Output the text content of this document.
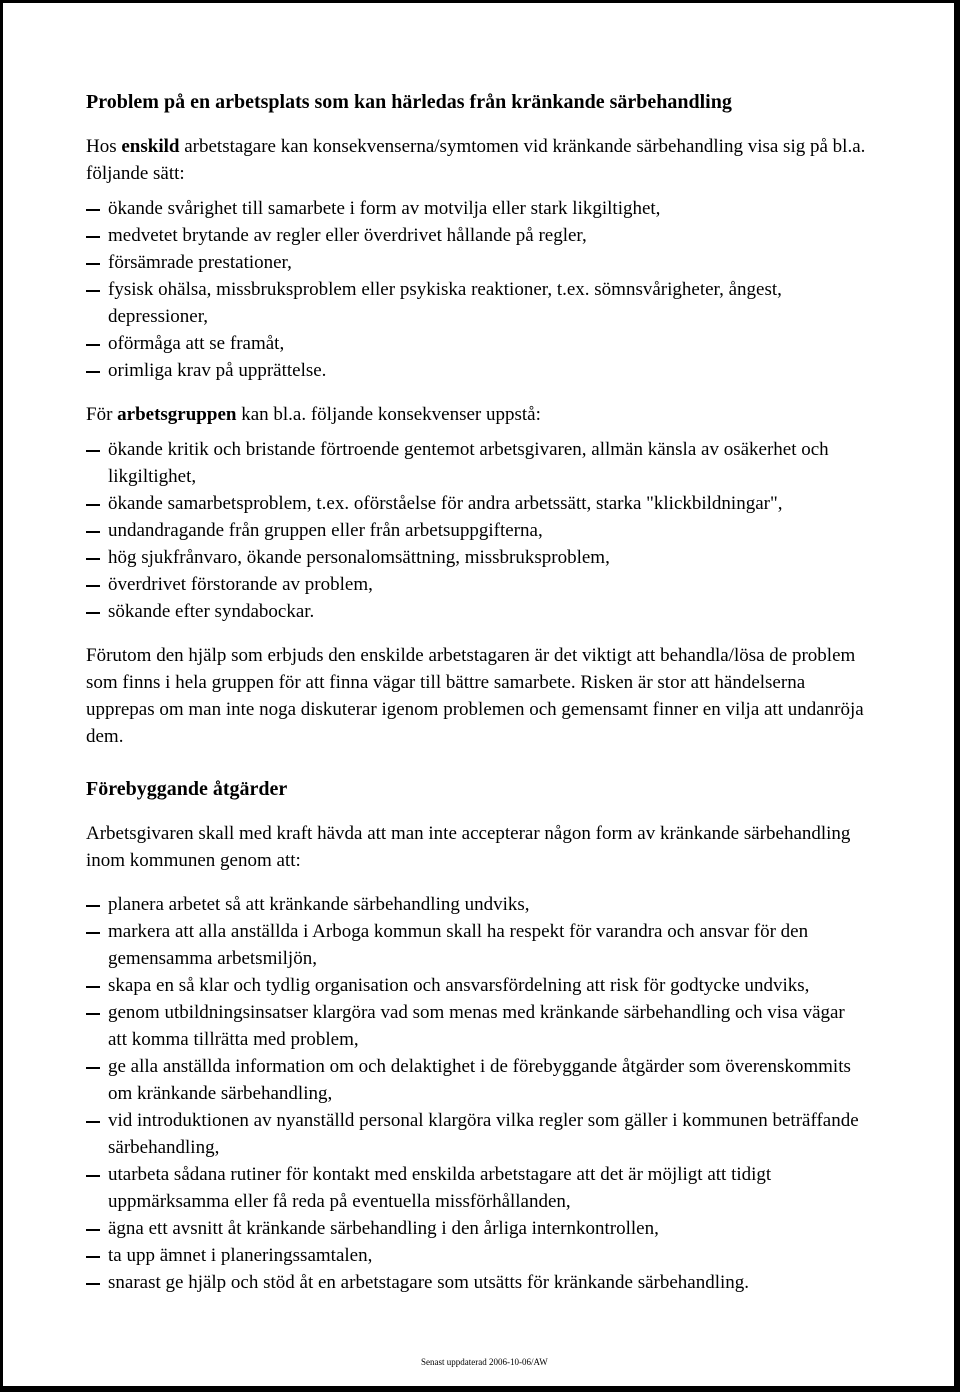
Problem på en arbetsplats som kan härledas från kränkande särbehandling

Hos enskild arbetstagare kan konsekvenserna/symtomen vid kränkande särbehandling visa sig på bl.a. följande sätt:

ökande svårighet till samarbete i form av motvilja eller stark likgiltighet,
medvetet brytande av regler eller överdrivet hållande på regler,
försämrade prestationer,
fysisk ohälsa, missbruksproblem eller psykiska reaktioner, t.ex. sömnsvårigheter, ångest, depressioner,
oförmåga att se framåt,
orimliga krav på upprättelse.

För arbetsgruppen kan bl.a. följande konsekvenser uppstå:

ökande kritik och bristande förtroende gentemot arbetsgivaren, allmän känsla av osäkerhet och likgiltighet,
ökande samarbetsproblem, t.ex. oförståelse för andra arbetssätt, starka "klickbildningar",
undandragande från gruppen eller från arbetsuppgifterna,
hög sjukfrånvaro, ökande personalomsättning, missbruksproblem,
överdrivet förstorande av problem,
sökande efter syndabockar.

Förutom den hjälp som erbjuds den enskilde arbetstagaren är det viktigt att behandla/lösa de problem som finns i hela gruppen för att finna vägar till bättre samarbete. Risken är stor att händelserna upprepas om man inte noga diskuterar igenom problemen och gemensamt finner en vilja att undanröja dem.

Förebyggande åtgärder

Arbetsgivaren skall med kraft hävda att man inte accepterar någon form av kränkande särbehandling inom kommunen genom att:

planera arbetet så att kränkande särbehandling undviks,
markera att alla anställda i Arboga kommun skall ha respekt för varandra och ansvar för den gemensamma arbetsmiljön,
skapa en så klar och tydlig organisation och ansvarsfördelning att risk för godtycke undviks,
genom utbildningsinsatser klargöra vad som menas med kränkande särbehandling och visa vägar att komma tillrätta med problem,
ge alla anställda information om och delaktighet i de förebyggande åtgärder som överenskommits om kränkande särbehandling,
vid introduktionen av nyanställd personal klargöra vilka regler som gäller i kommunen beträffande särbehandling,
utarbeta sådana rutiner för kontakt med enskilda arbetstagare att det är möjligt att tidigt uppmärksamma eller få reda på eventuella missförhållanden,
ägna ett avsnitt åt kränkande särbehandling i den årliga internkontrollen,
ta upp ämnet i planeringssamtalen,
snarast ge hjälp och stöd åt en arbetstagare som utsätts för kränkande särbehandling.
Senast uppdaterad 2006-10-06/AW
